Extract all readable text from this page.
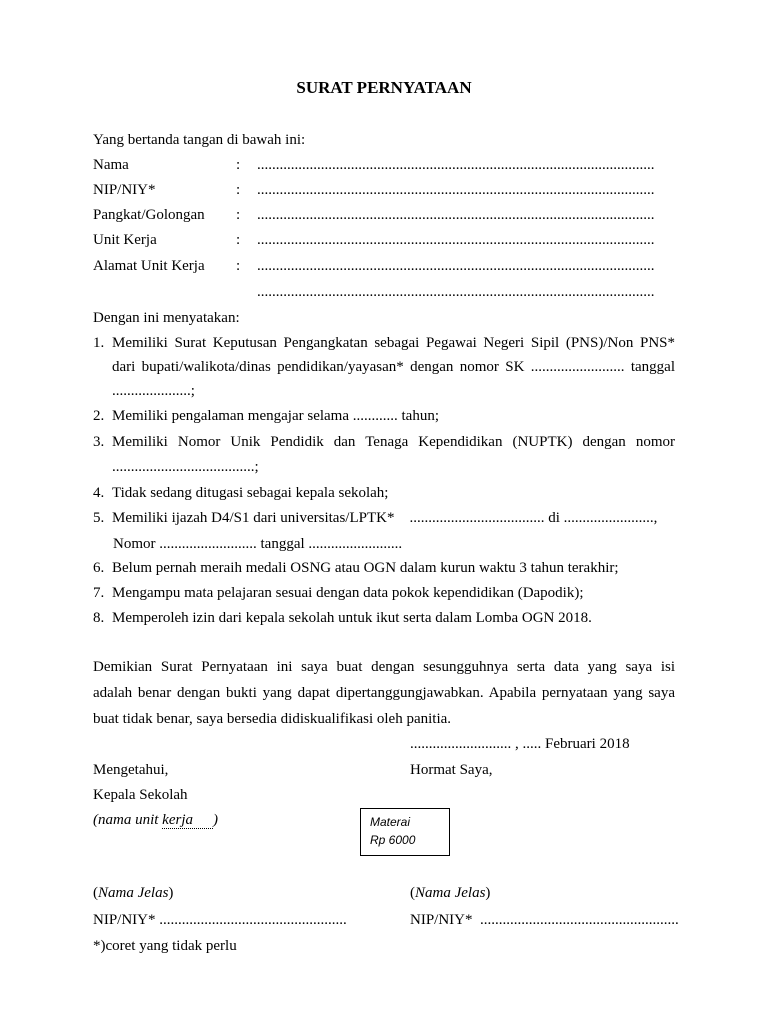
SURAT PERNYATAAN
Yang bertanda tangan di bawah ini:
Nama	: ..........................................................................................................
NIP/NIY*	: ..........................................................................................................
Pangkat/Golongan : ..........................................................................................................
Unit Kerja	: ..........................................................................................................
Alamat Unit Kerja : ..........................................................................................................
..........................................................................................................
Dengan ini menyatakan:
1. Memiliki Surat Keputusan Pengangkatan sebagai Pegawai Negeri Sipil (PNS)/Non PNS*
dari bupati/walikota/dinas pendidikan/yayasan* dengan nomor SK ......................... tanggal
.....................;
2. Memiliki pengalaman mengajar selama ............ tahun;
3. Memiliki Nomor Unik Pendidik dan Tenaga Kependidikan (NUPTK) dengan nomor
......................................;
4. Tidak sedang ditugasi sebagai kepala sekolah;
5. Memiliki ijazah D4/S1 dari universitas/LPTK*    .................................... di ........................,
Nomor .......................... tanggal .........................
6. Belum pernah meraih medali OSNG atau OGN dalam kurun waktu 3 tahun terakhir;
7. Mengampu mata pelajaran sesuai dengan data pokok kependidikan (Dapodik);
8. Memperoleh izin dari kepala sekolah untuk ikut serta dalam Lomba OGN 2018.
Demikian Surat Pernyataan ini saya buat dengan sesungguhnya serta data yang saya isi
adalah benar dengan bukti yang dapat dipertanggungjawabkan. Apabila pernyataan yang saya
buat tidak benar, saya bersedia didiskualifikasi oleh panitia.
........................... , ..... Februari 2018
Mengetahui,	Hormat Saya,
Kepala Sekolah
(nama unit kerja )	Materai
Rp 6000
(Nama Jelas)	(Nama Jelas)
NIP/NIY* ..................................................	NIP/NIY*  .....................................................
*)coret yang tidak perlu
